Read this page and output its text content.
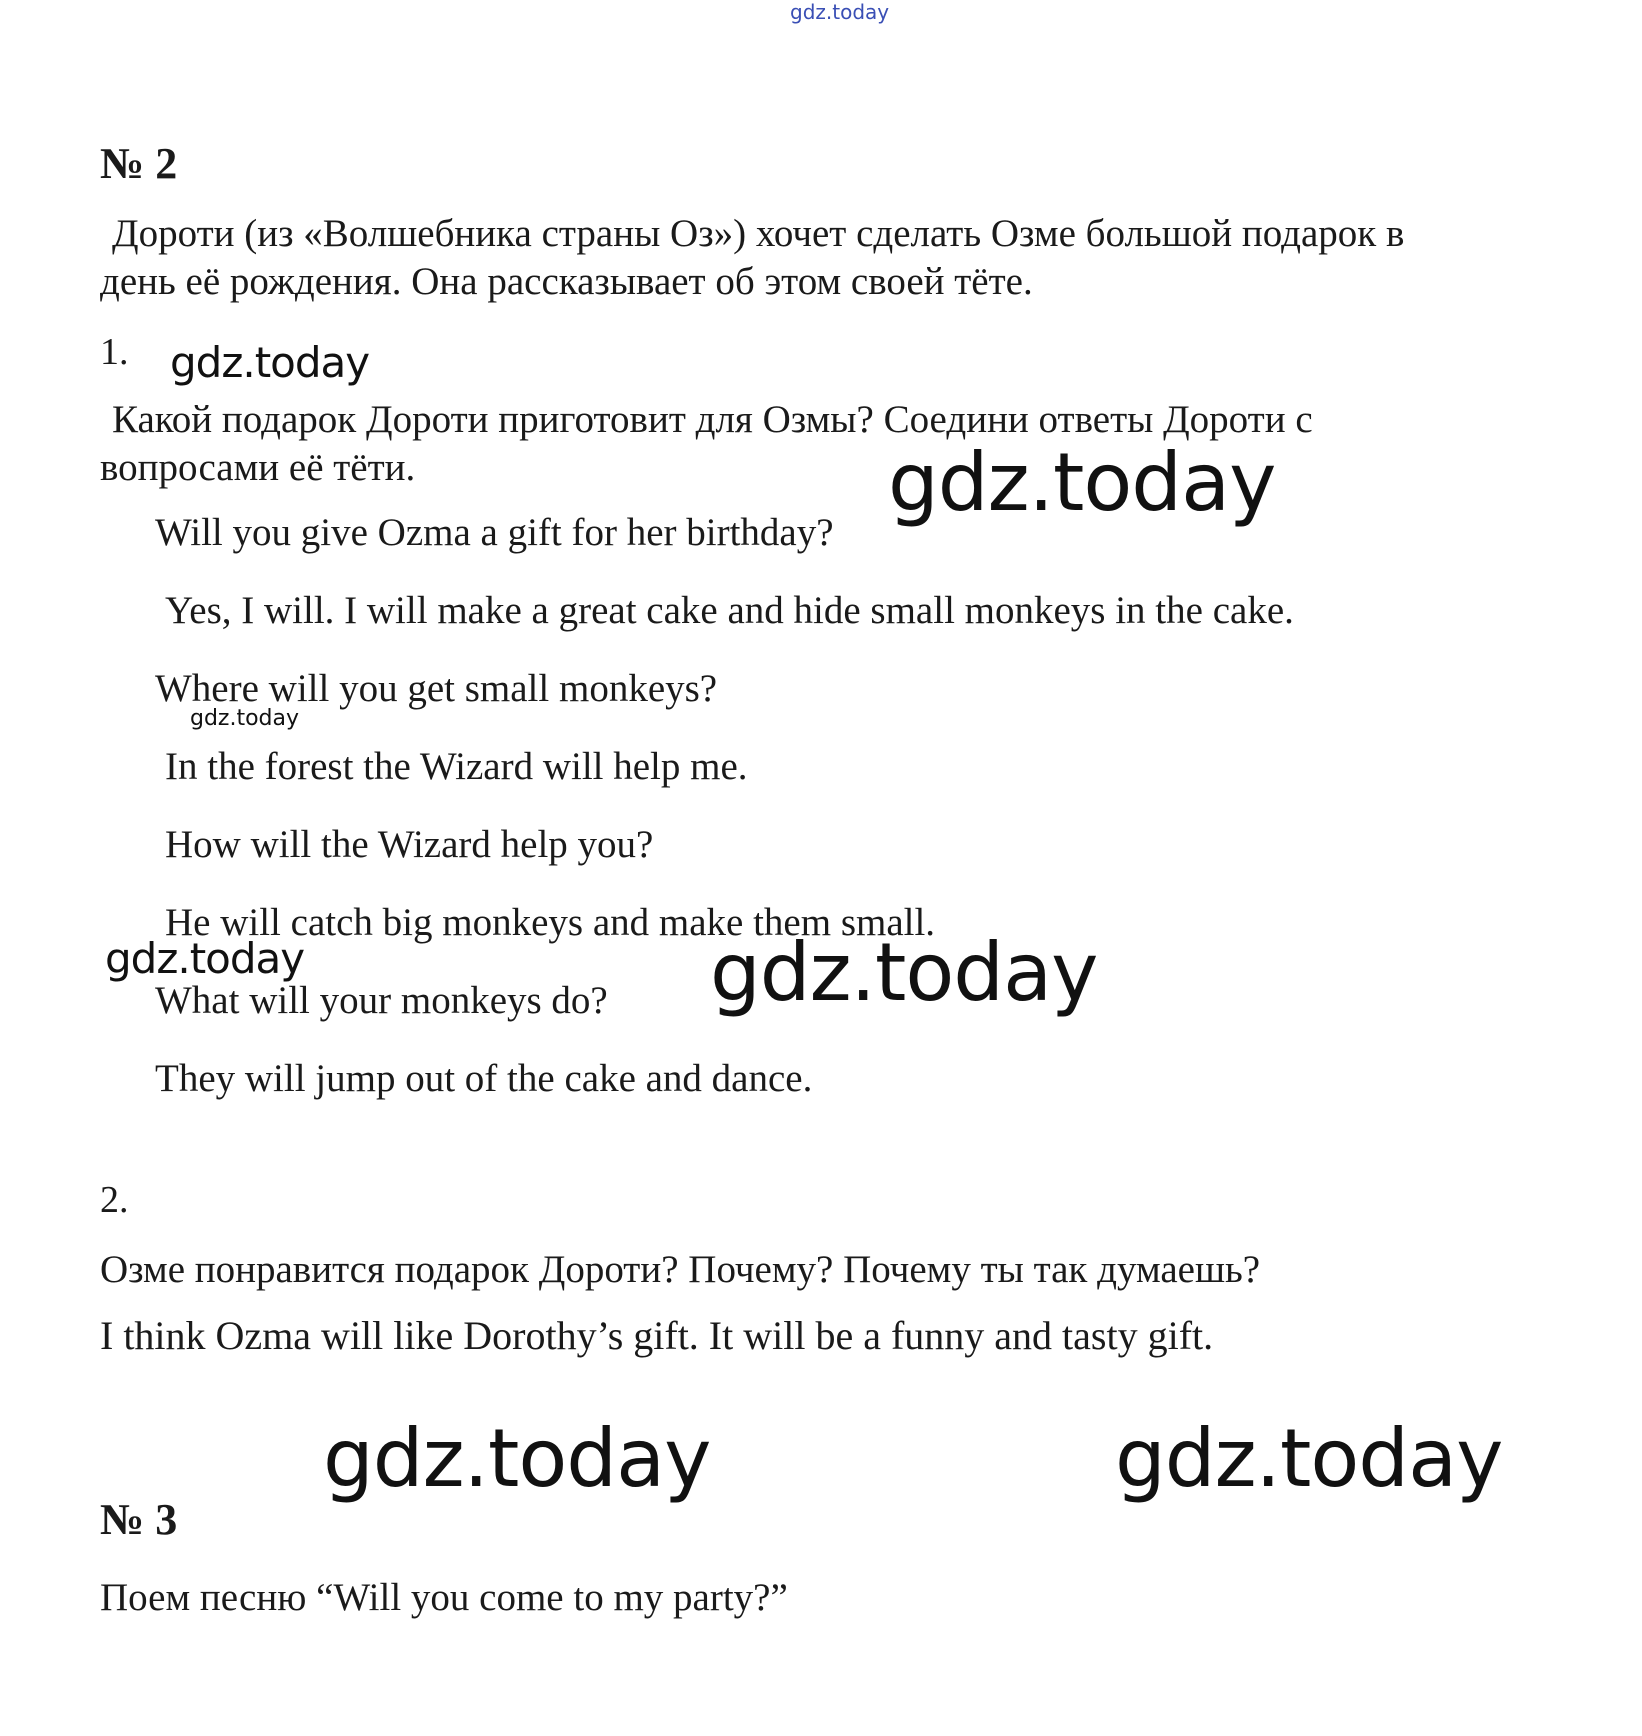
gdz.today
gdz.today
gdz.today
gdz.today
gdz.today	gdz.today
gdz.today	gdz.today
№ 2
Дороти (из «Волшебника страны Оз») хочет сделать Озме большой подарок в
день её рождения. Она рассказывает об этом своей тёте.
1.
Какой подарок Дороти приготовит для Озмы? Соедини ответы Дороти с
вопросами её тёти.
Will you give Ozma a gift for her birthday?
Yes, I will. I will make a great cake and hide small monkeys in the cake.
Where will you get small monkeys?
In the forest the Wizard will help me.
How will the Wizard help you?
He will catch big monkeys and make them small.
What will your monkeys do?
They will jump out of the cake and dance.
2.
Озме понравится подарок Дороти? Почему? Почему ты так думаешь?
I think Ozma will like Dorothy’s gift. It will be a funny and tasty gift.
№ 3
Поем песню “Will you come to my party?”
